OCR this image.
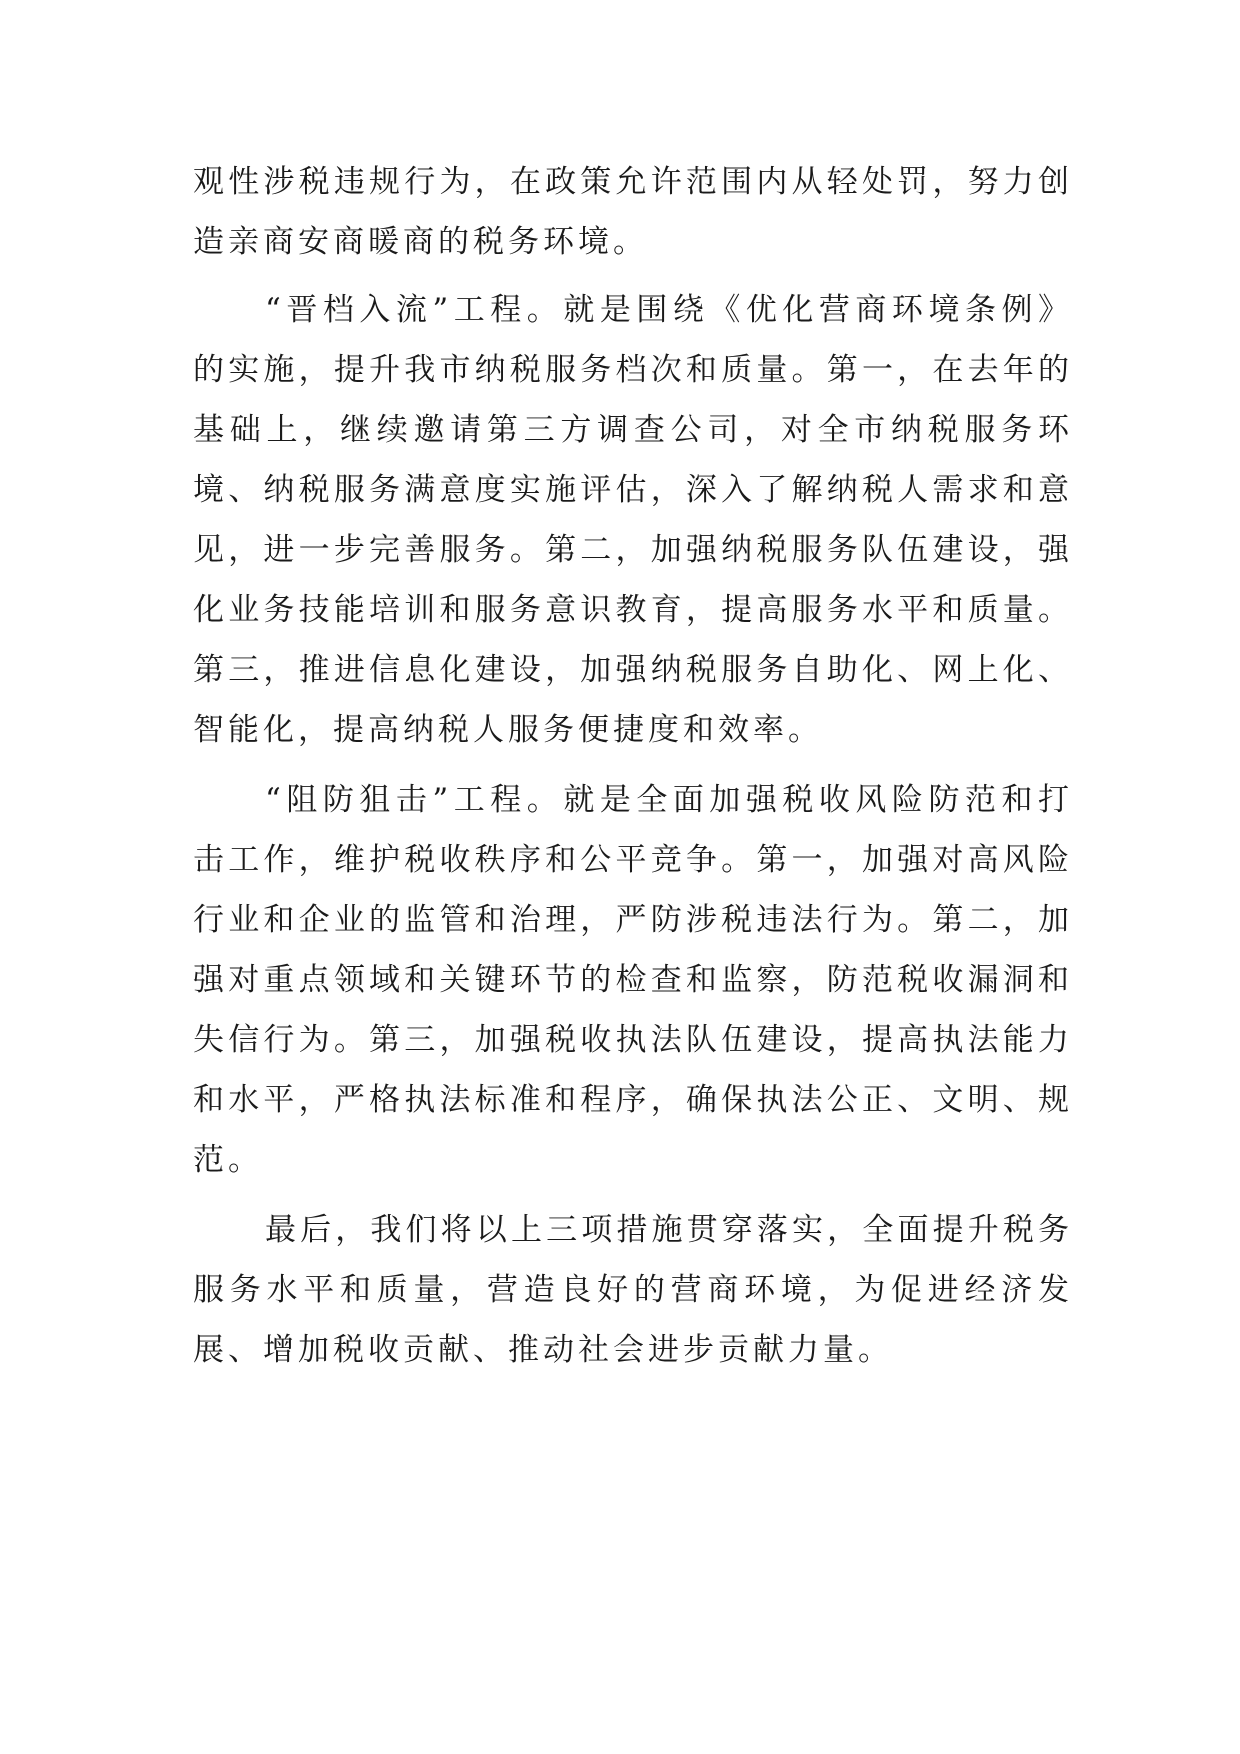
观性涉税违规行为，在政策允许范围内从轻处罚，努力创造亲商安商暖商的税务环境。

“晋档入流”工程。就是围绕《优化营商环境条例》的实施，提升我市纳税服务档次和质量。第一，在去年的基础上，继续邀请第三方调查公司，对全市纳税服务环境、纳税服务满意度实施评估，深入了解纳税人需求和意见，进一步完善服务。第二，加强纳税服务队伍建设，强化业务技能培训和服务意识教育，提高服务水平和质量。第三，推进信息化建设，加强纳税服务自助化、网上化、智能化，提高纳税人服务便捷度和效率。

“阻防狙击”工程。就是全面加强税收风险防范和打击工作，维护税收秩序和公平竞争。第一，加强对高风险行业和企业的监管和治理，严防涉税违法行为。第二，加强对重点领域和关键环节的检查和监察，防范税收漏洞和失信行为。第三，加强税收执法队伍建设，提高执法能力和水平，严格执法标准和程序，确保执法公正、文明、规范。

最后，我们将以上三项措施贯穿落实，全面提升税务服务水平和质量，营造良好的营商环境，为促进经济发展、增加税收贡献、推动社会进步贡献力量。
